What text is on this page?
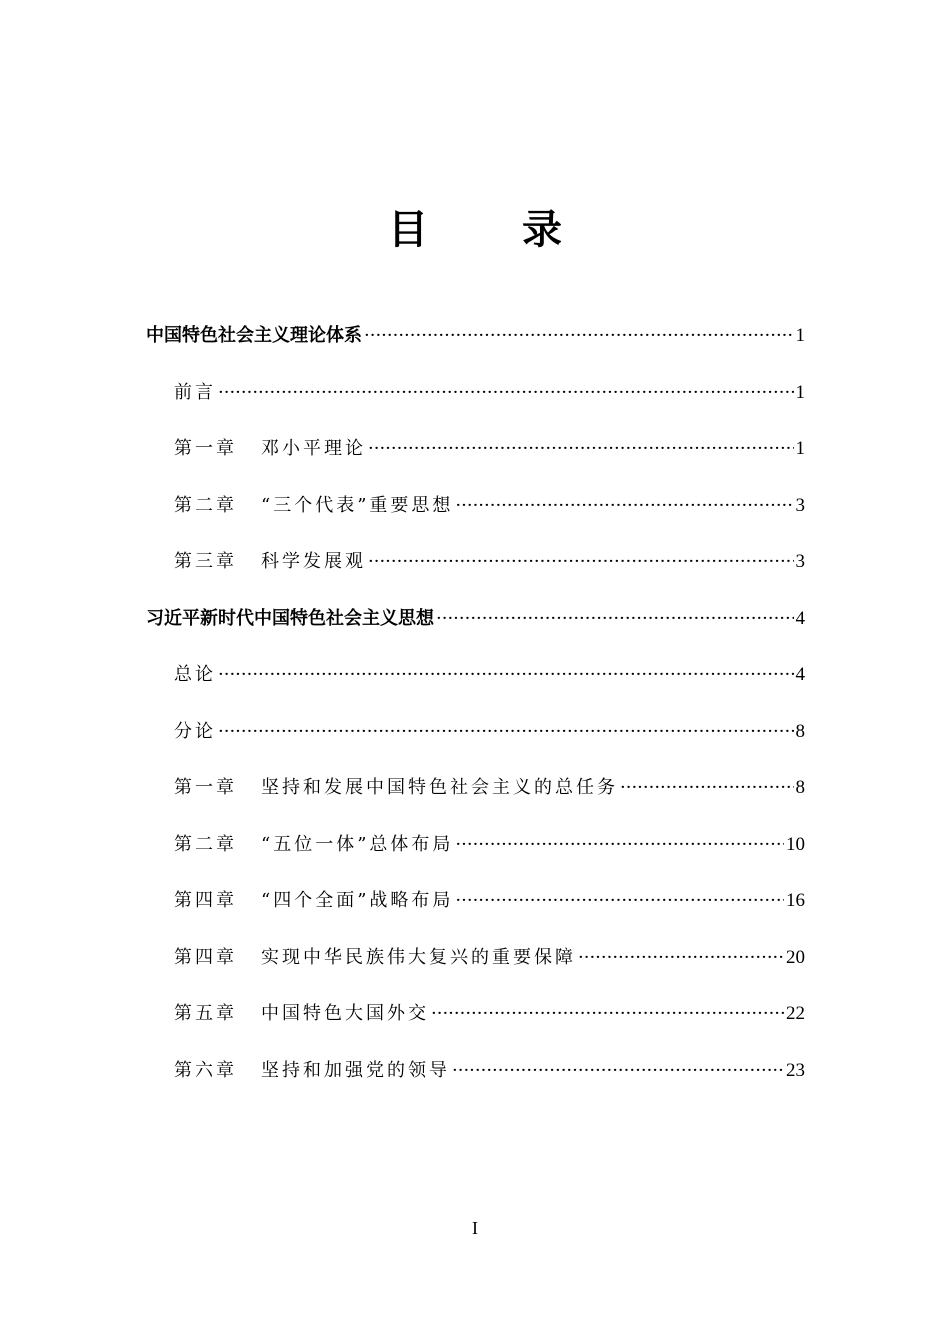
目 录
中国特色社会主义理论体系 ·····	1
前言 ·····	1
第一章 邓小平理论 ·····	1
第二章 “三个代表”重要思想 ·····	3
第三章 科学发展观 ·····	3
习近平新时代中国特色社会主义思想 ·····	4
总论 ·····	4
分论 ·····	8
第一章 坚持和发展中国特色社会主义的总任务 ·····	8
第二章 “五位一体”总体布局 ·····	10
第四章 “四个全面”战略布局 ·····	16
第四章 实现中华民族伟大复兴的重要保障 ·····	20
第五章 中国特色大国外交 ·····	22
第六章 坚持和加强党的领导 ·····	23
I
